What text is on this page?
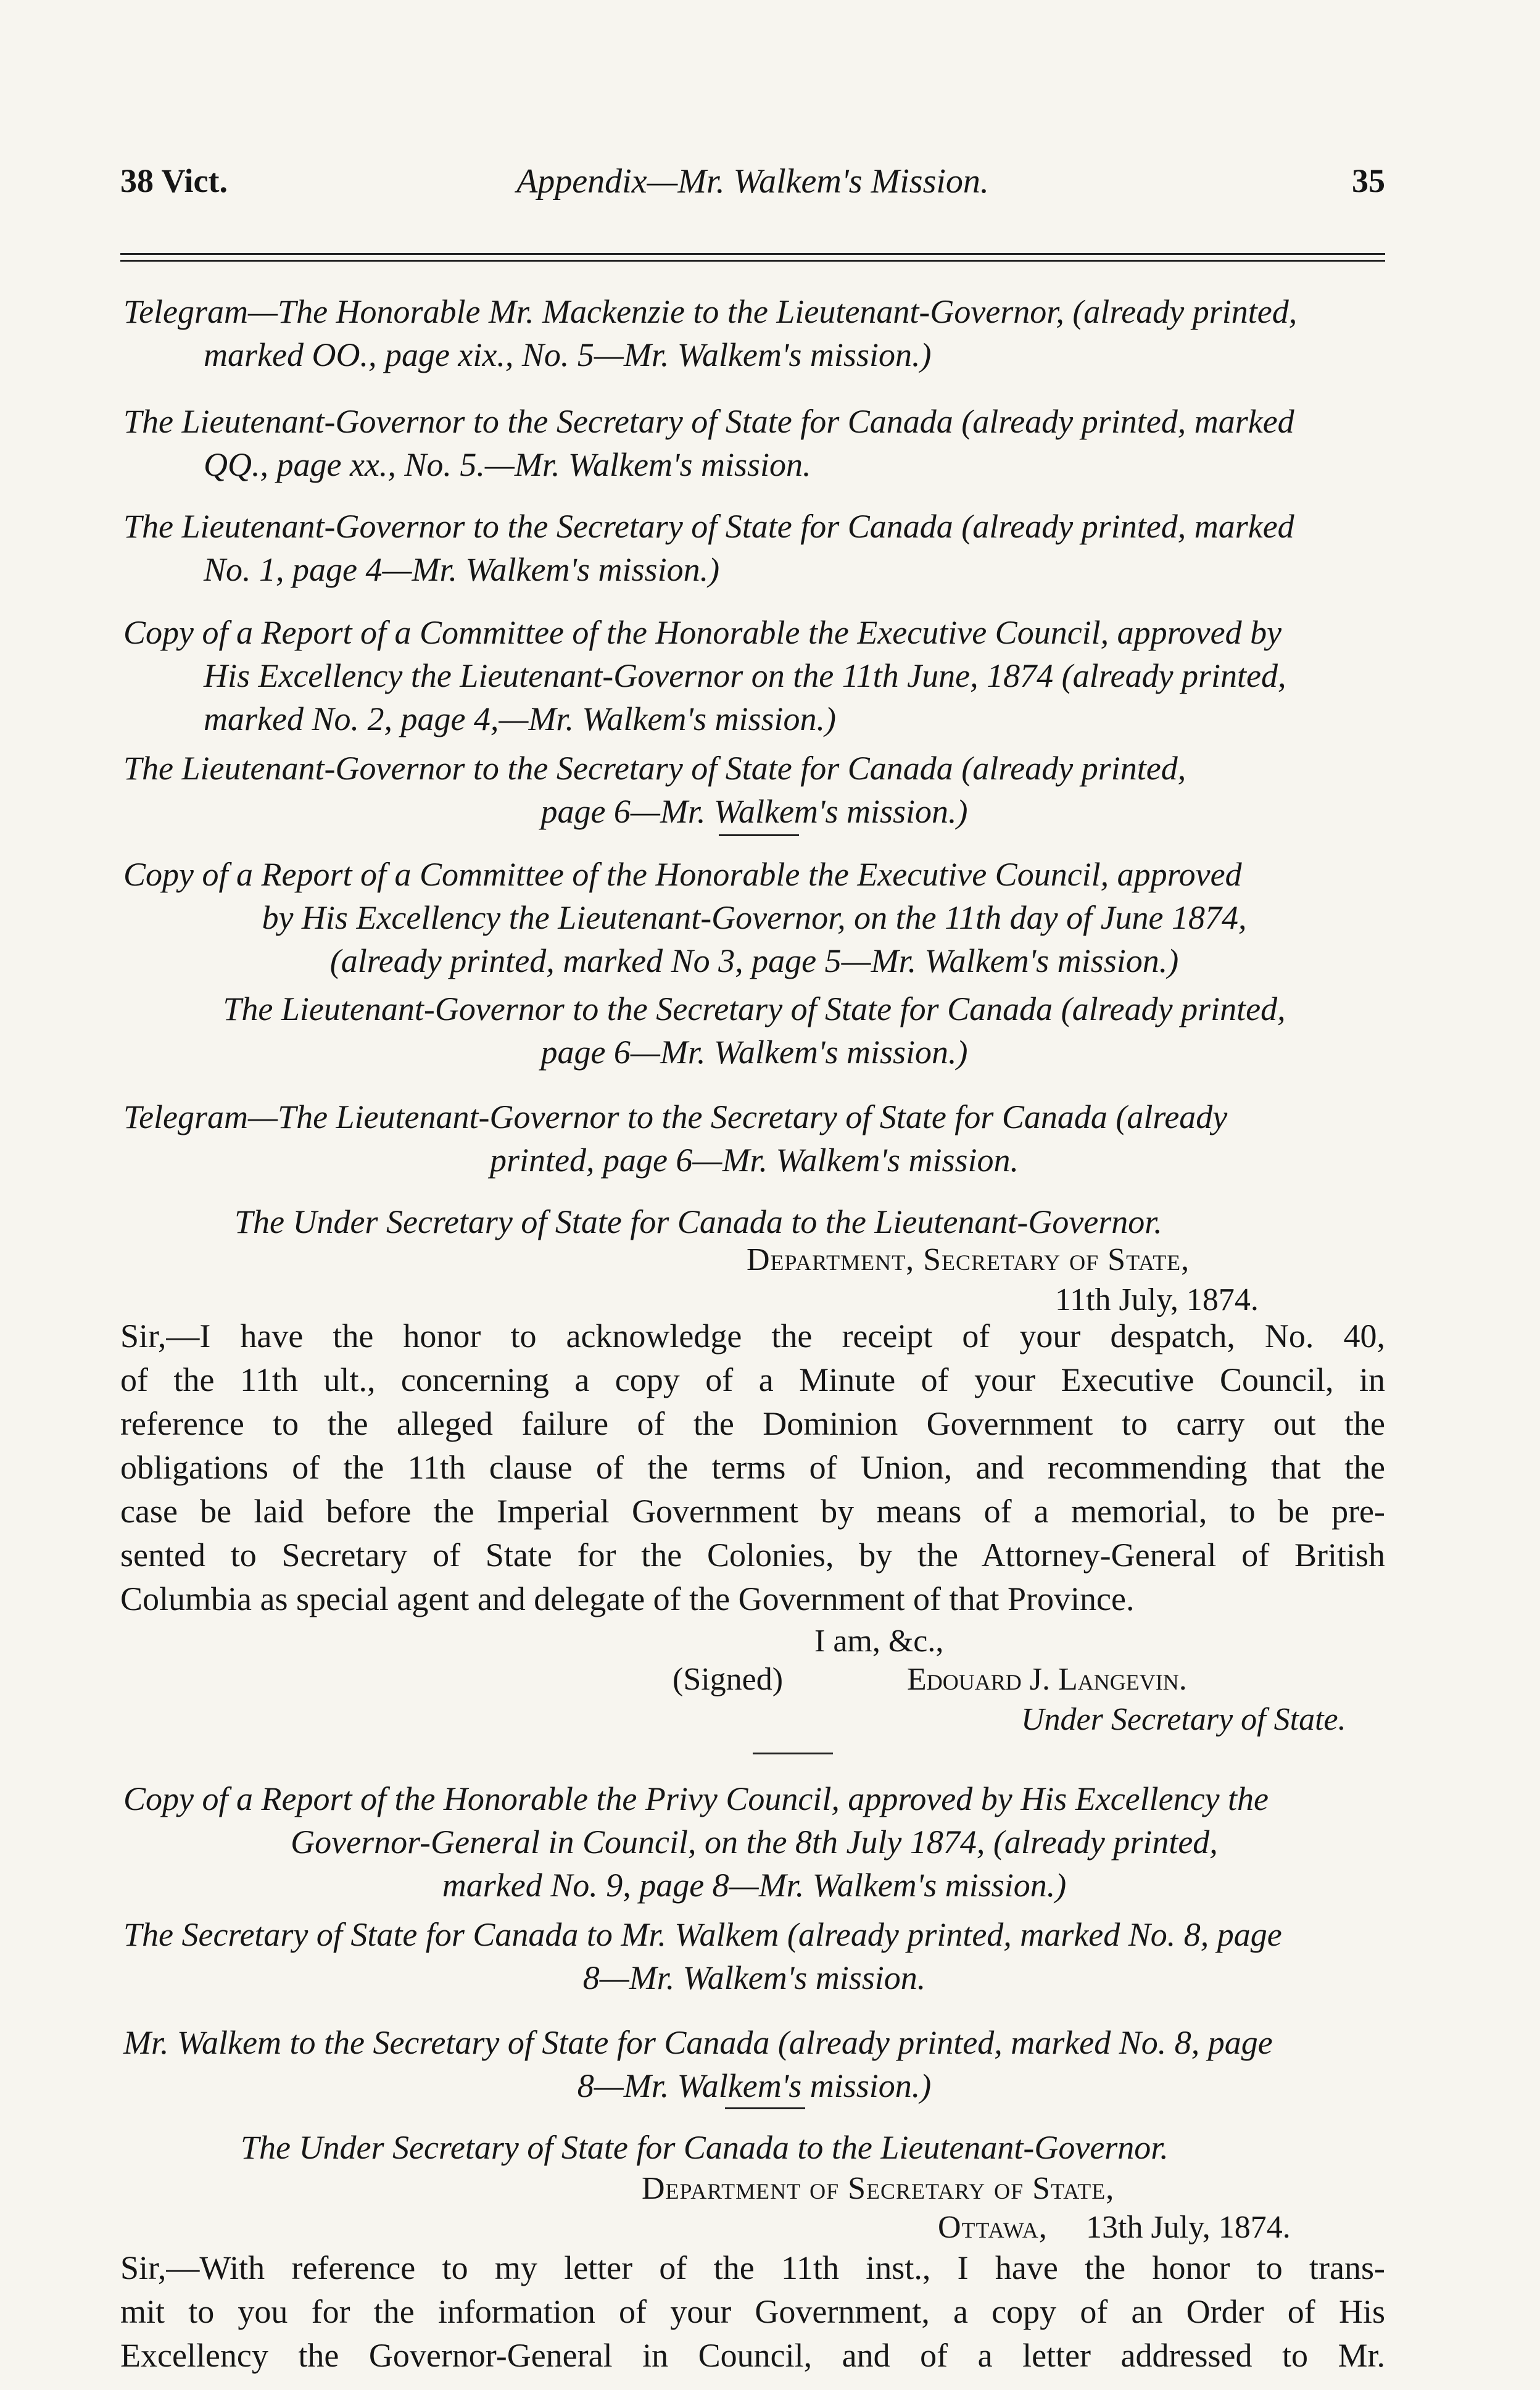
38 Vict.	Appendix—Mr. Walkem's Mission.	35
Telegram—The Honorable Mr. Mackenzie to the Lieutenant-Governor, (already printed,
marked OO., page xix., No. 5—Mr. Walkem's mission.)
The Lieutenant-Governor to the Secretary of State for Canada (already printed, marked
QQ., page xx., No. 5.—Mr. Walkem's mission.
The Lieutenant-Governor to the Secretary of State for Canada (already printed, marked
No. 1, page 4—Mr. Walkem's mission.)
Copy of a Report of a Committee of the Honorable the Executive Council, approved by
His Excellency the Lieutenant-Governor on the 11th June, 1874 (already printed,
marked No. 2, page 4,—Mr. Walkem's mission.)
The Lieutenant-Governor to the Secretary of State for Canada (already printed,
page 6—Mr. Walkem's mission.)
Copy of a Report of a Committee of the Honorable the Executive Council, approved
by His Excellency the Lieutenant-Governor, on the 11th day of June 1874,
(already printed, marked No 3, page 5—Mr. Walkem's mission.)
The Lieutenant-Governor to the Secretary of State for Canada (already printed,
page 6—Mr. Walkem's mission.)
Telegram—The Lieutenant-Governor to the Secretary of State for Canada (already
printed, page 6—Mr. Walkem's mission.
The Under Secretary of State for Canada to the Lieutenant-Governor.
Department, Secretary of State,
11th July, 1874.
Sir,—I have the honor to acknowledge the receipt of your despatch, No. 40,
of the 11th ult., concerning a copy of a Minute of your Executive Council, in
reference to the alleged failure of the Dominion Government to carry out the
obligations of the 11th clause of the terms of Union, and recommending that the
case be laid before the Imperial Government by means of a memorial, to be pre-
sented to Secretary of State for the Colonies, by the Attorney-General of British
Columbia as special agent and delegate of the Government of that Province.
I am, &c.,
(Signed)	Edouard J. Langevin.
Under Secretary of State.
Copy of a Report of the Honorable the Privy Council, approved by His Excellency the
Governor-General in Council, on the 8th July 1874, (already printed,
marked No. 9, page 8—Mr. Walkem's mission.)
The Secretary of State for Canada to Mr. Walkem (already printed, marked No. 8, page
8—Mr. Walkem's mission.
Mr. Walkem to the Secretary of State for Canada (already printed, marked No. 8, page
8—Mr. Walkem's mission.)
The Under Secretary of State for Canada to the Lieutenant-Governor.
Department of Secretary of State,
Ottawa, 13th July, 1874.
Sir,—With reference to my letter of the 11th inst., I have the honor to trans-
mit to you for the information of your Government, a copy of an Order of His
Excellency the Governor-General in Council, and of a letter addressed to Mr.
